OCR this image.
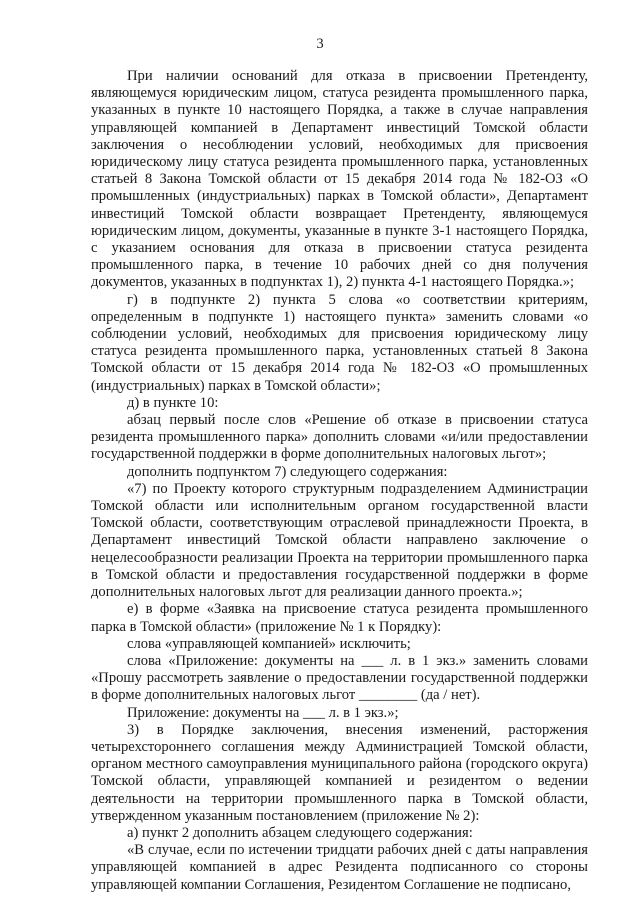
3

При наличии оснований для отказа в присвоении Претенденту, являющемуся юридическим лицом, статуса резидента промышленного парка, указанных в пункте 10 настоящего Порядка, а также в случае направления управляющей компанией в Департамент инвестиций Томской области заключения о несоблюдении условий, необходимых для присвоения юридическому лицу статуса резидента промышленного парка, установленных статьей 8 Закона Томской области от 15 декабря 2014 года № 182-ОЗ «О промышленных (индустриальных) парках в Томской области», Департамент инвестиций Томской области возвращает Претенденту, являющемуся юридическим лицом, документы, указанные в пункте 3-1 настоящего Порядка, с указанием основания для отказа в присвоении статуса резидента промышленного парка, в течение 10 рабочих дней со дня получения документов, указанных в подпунктах 1), 2) пункта 4-1 настоящего Порядка.»;

г) в подпункте 2) пункта 5 слова «о соответствии критериям, определенным в подпункте 1) настоящего пункта» заменить словами «о соблюдении условий, необходимых для присвоения юридическому лицу статуса резидента промышленного парка, установленных статьей 8 Закона Томской области от 15 декабря 2014 года № 182-ОЗ «О промышленных (индустриальных) парках в Томской области»;

д) в пункте 10:

абзац первый после слов «Решение об отказе в присвоении статуса резидента промышленного парка» дополнить словами «и/или предоставлении государственной поддержки в форме дополнительных налоговых льгот»;

дополнить подпунктом 7) следующего содержания:

«7) по Проекту которого структурным подразделением Администрации Томской области или исполнительным органом государственной власти Томской области, соответствующим отраслевой принадлежности Проекта, в Департамент инвестиций Томской области направлено заключение о нецелесообразности реализации Проекта на территории промышленного парка в Томской области и предоставления государственной поддержки в форме дополнительных налоговых льгот для реализации данного проекта.»;

е) в форме «Заявка на присвоение статуса резидента промышленного парка в Томской области» (приложение № 1 к Порядку):

слова «управляющей компанией» исключить;

слова «Приложение: документы на ___ л. в 1 экз.» заменить словами «Прошу рассмотреть заявление о предоставлении государственной поддержки в форме дополнительных налоговых льгот ________ (да / нет).

Приложение: документы на ___ л. в 1 экз.»;

3) в Порядке заключения, внесения изменений, расторжения четырехстороннего соглашения между Администрацией Томской области, органом местного самоуправления муниципального района (городского округа) Томской области, управляющей компанией и резидентом о ведении деятельности на территории промышленного парка в Томской области, утвержденном указанным постановлением (приложение № 2):

а) пункт 2 дополнить абзацем следующего содержания:

«В случае, если по истечении тридцати рабочих дней с даты направления управляющей компанией в адрес Резидента подписанного со стороны управляющей компании Соглашения, Резидентом Соглашение не подписано,
